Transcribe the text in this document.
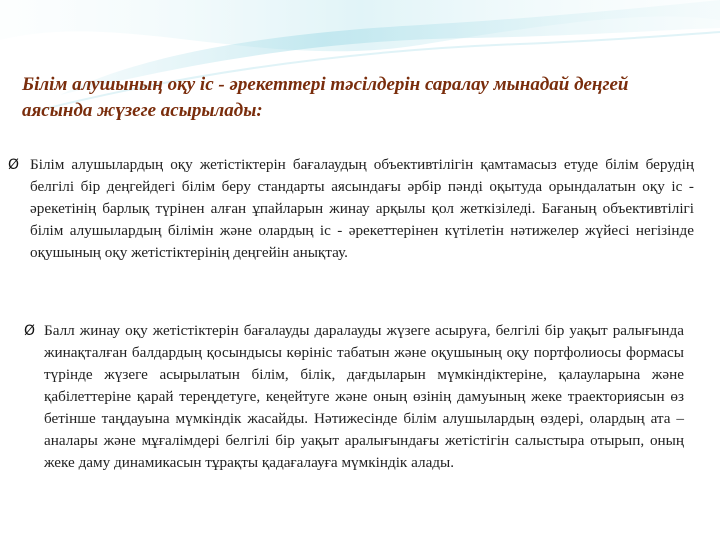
Білім алушының оқу іс - әрекеттері тәсілдерін саралау мынадай деңгей аясында жүзеге асырылады:
Ø Білім алушылардың оқу жетістіктерін бағалаудың объективтілігін қамтамасыз етуде білім берудің белгілі бір деңгейдегі білім беру стандарты аясындағы әрбір пәнді оқытуда орындалатын оқу іс - әрекетінің барлық түрінен алған ұпайларын жинау арқылы қол жеткізіледі. Бағаның объективтілігі білім алушылардың білімін және олардың іс - әрекеттерінен күтілетін нәтижелер жүйесі негізінде оқушының оқу жетістіктерінің деңгейін анықтау.
Ø Балл жинау оқу жетістіктерін бағалауды даралауды жүзеге асыруға, белгілі бір уақыт ралығында жинақталған балдардың қосындысы көрініс табатын және оқушының оқу портфолиосы формасы түрінде жүзеге асырылатын білім, білік, дағдыларын мүмкіндіктеріне, қалауларына және қабілеттеріне қарай тереңдетуге, кеңейтуге және оның өзінің дамуының жеке траекториясын өз бетінше таңдауына мүмкіндік жасайды. Нәтижесінде білім алушылардың өздері, олардың ата – аналары және мұғалімдері белгілі бір уақыт аралығындағы жетістігін салыстыра отырып, оның жеке даму динамикасын тұрақты қадағалауға мүмкіндік алады.
